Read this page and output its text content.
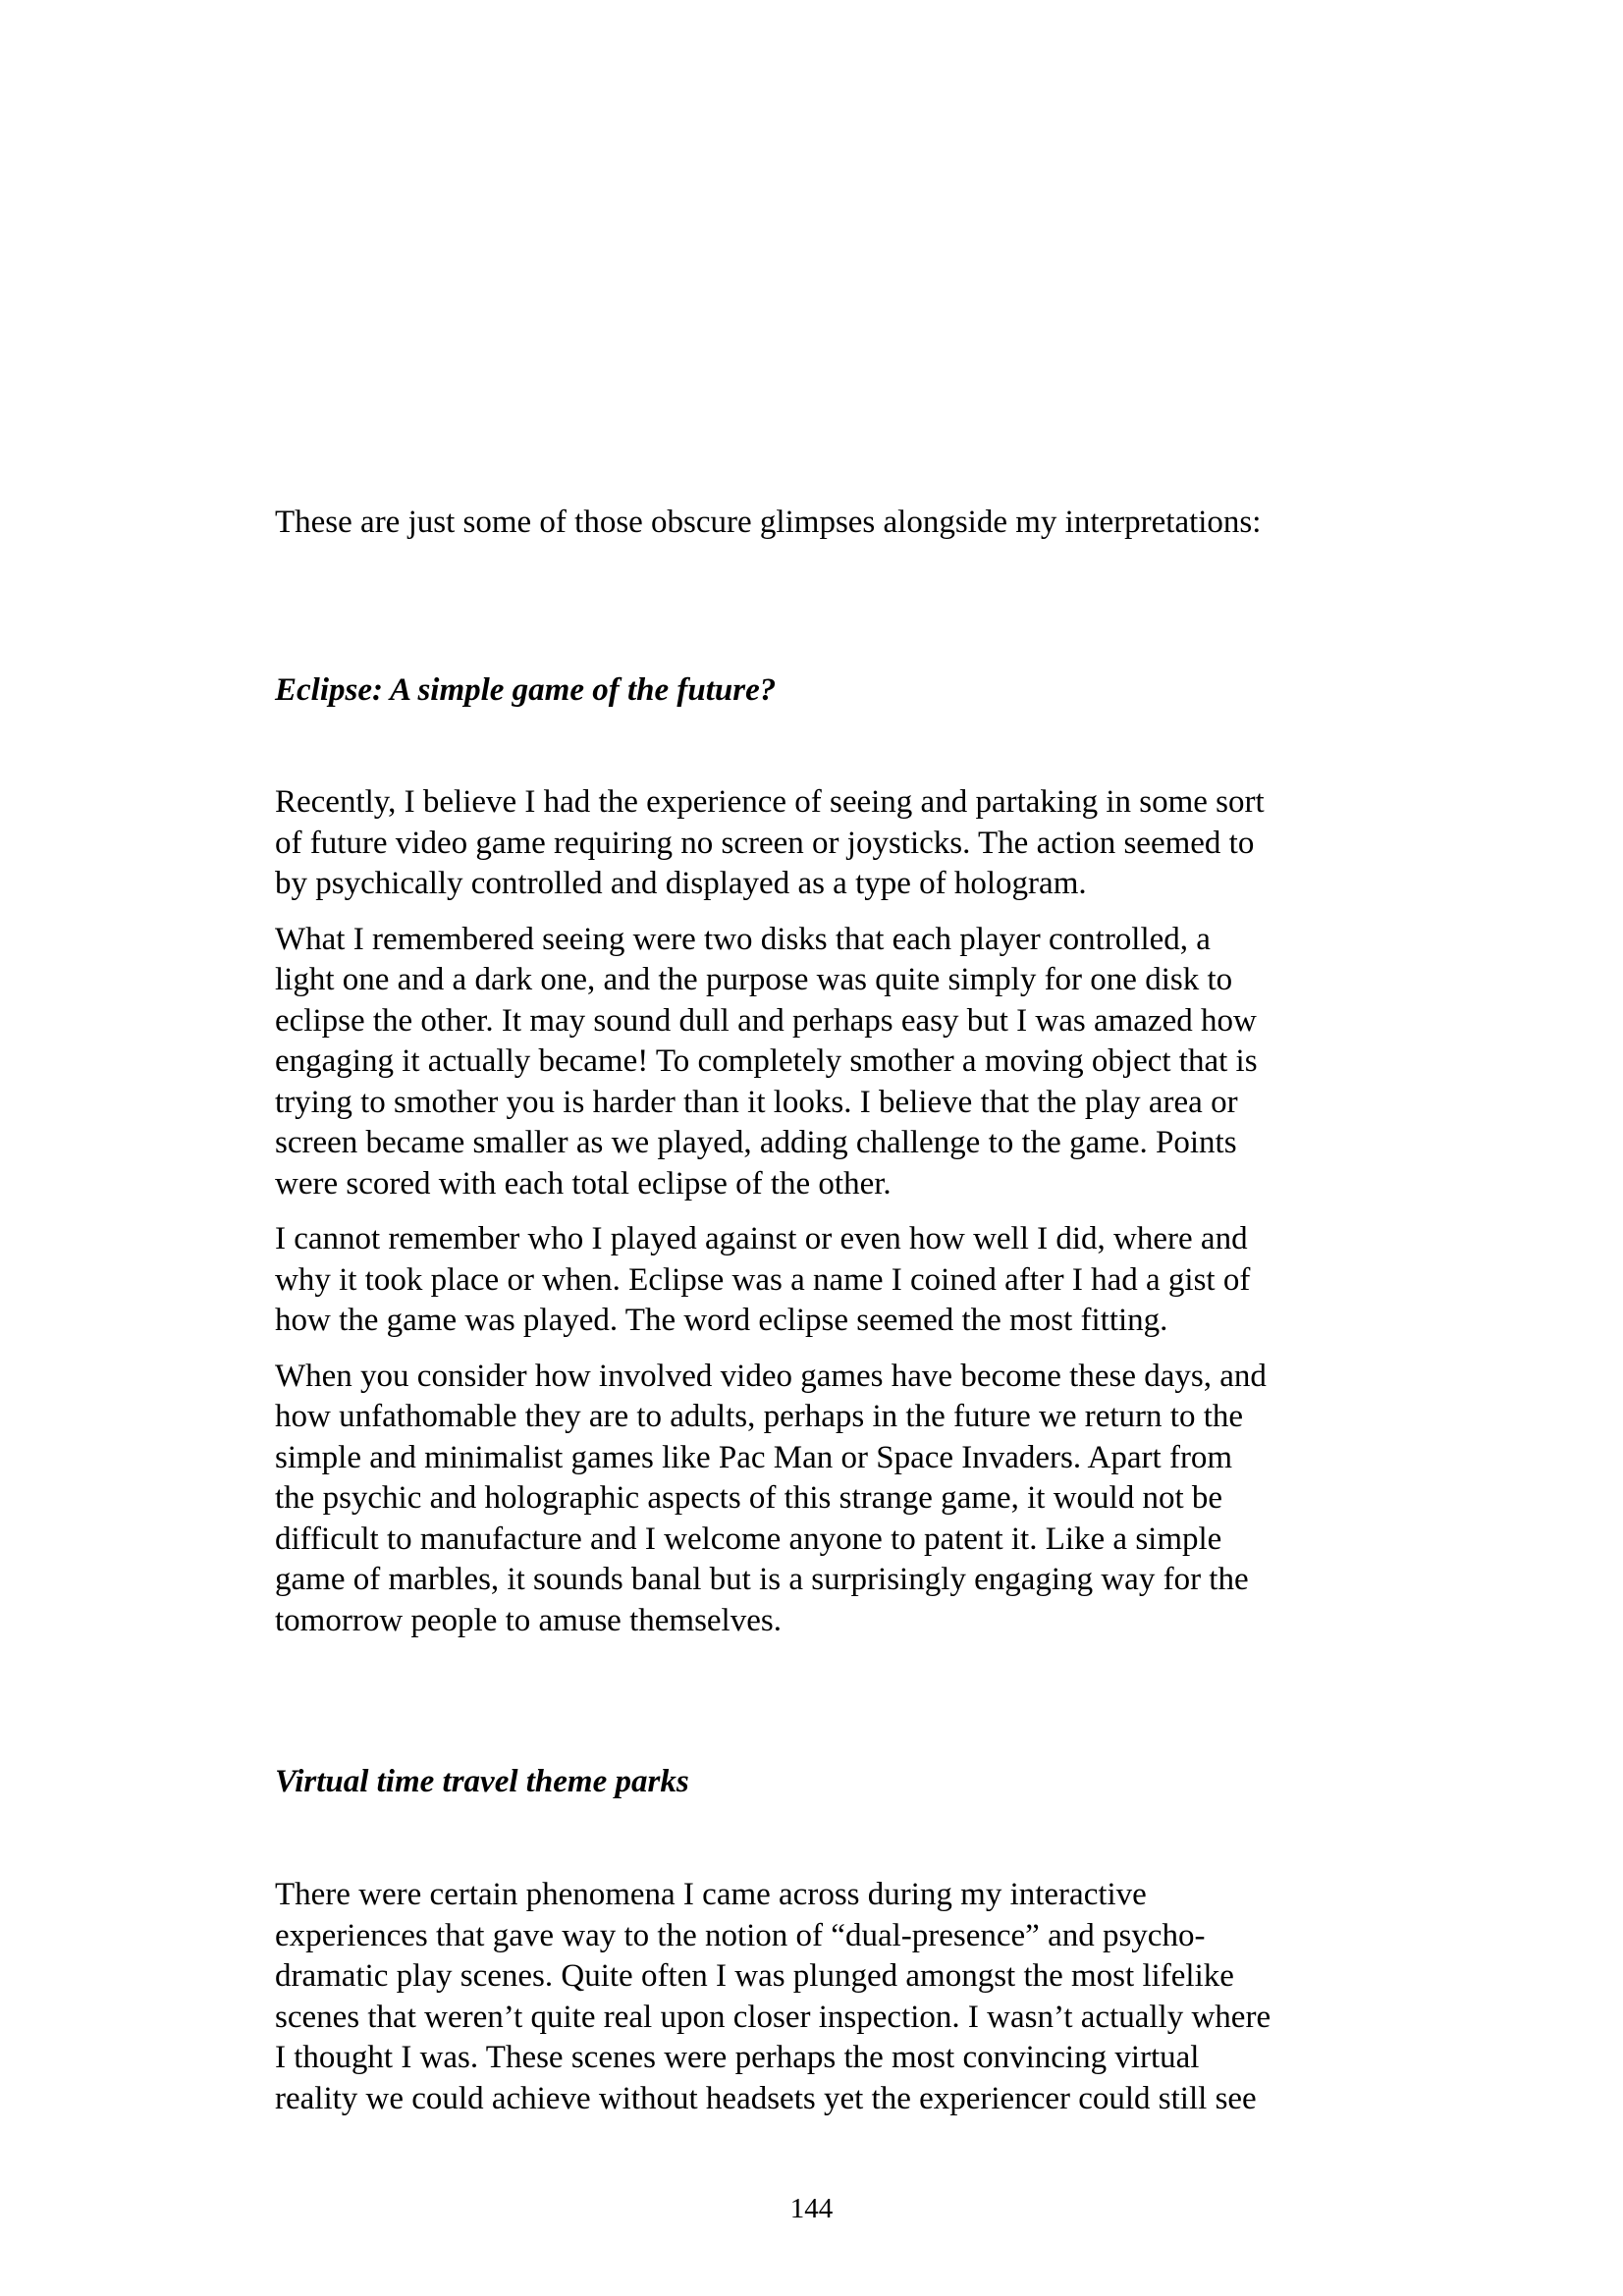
These are just some of those obscure glimpses alongside my interpretations:

Eclipse: A simple game of the future?

Recently, I believe I had the experience of seeing and partaking in some sort
of future video game requiring no screen or joysticks. The action seemed to
by psychically controlled and displayed as a type of hologram.

What I remembered seeing were two disks that each player controlled, a
light one and a dark one, and the purpose was quite simply for one disk to
eclipse the other. It may sound dull and perhaps easy but I was amazed how
engaging it actually became! To completely smother a moving object that is
trying to smother you is harder than it looks. I believe that the play area or
screen became smaller as we played, adding challenge to the game. Points
were scored with each total eclipse of the other.

I cannot remember who I played against or even how well I did, where and
why it took place or when. Eclipse was a name I coined after I had a gist of
how the game was played. The word eclipse seemed the most fitting.

When you consider how involved video games have become these days, and
how unfathomable they are to adults, perhaps in the future we return to the
simple and minimalist games like Pac Man or Space Invaders. Apart from
the psychic and holographic aspects of this strange game, it would not be
difficult to manufacture and I welcome anyone to patent it. Like a simple
game of marbles, it sounds banal but is a surprisingly engaging way for the
tomorrow people to amuse themselves.

Virtual time travel theme parks

There were certain phenomena I came across during my interactive
experiences that gave way to the notion of “dual-presence” and psycho-
dramatic play scenes. Quite often I was plunged amongst the most lifelike
scenes that weren’t quite real upon closer inspection. I wasn’t actually where
I thought I was. These scenes were perhaps the most convincing virtual
reality we could achieve without headsets yet the experiencer could still see

144
